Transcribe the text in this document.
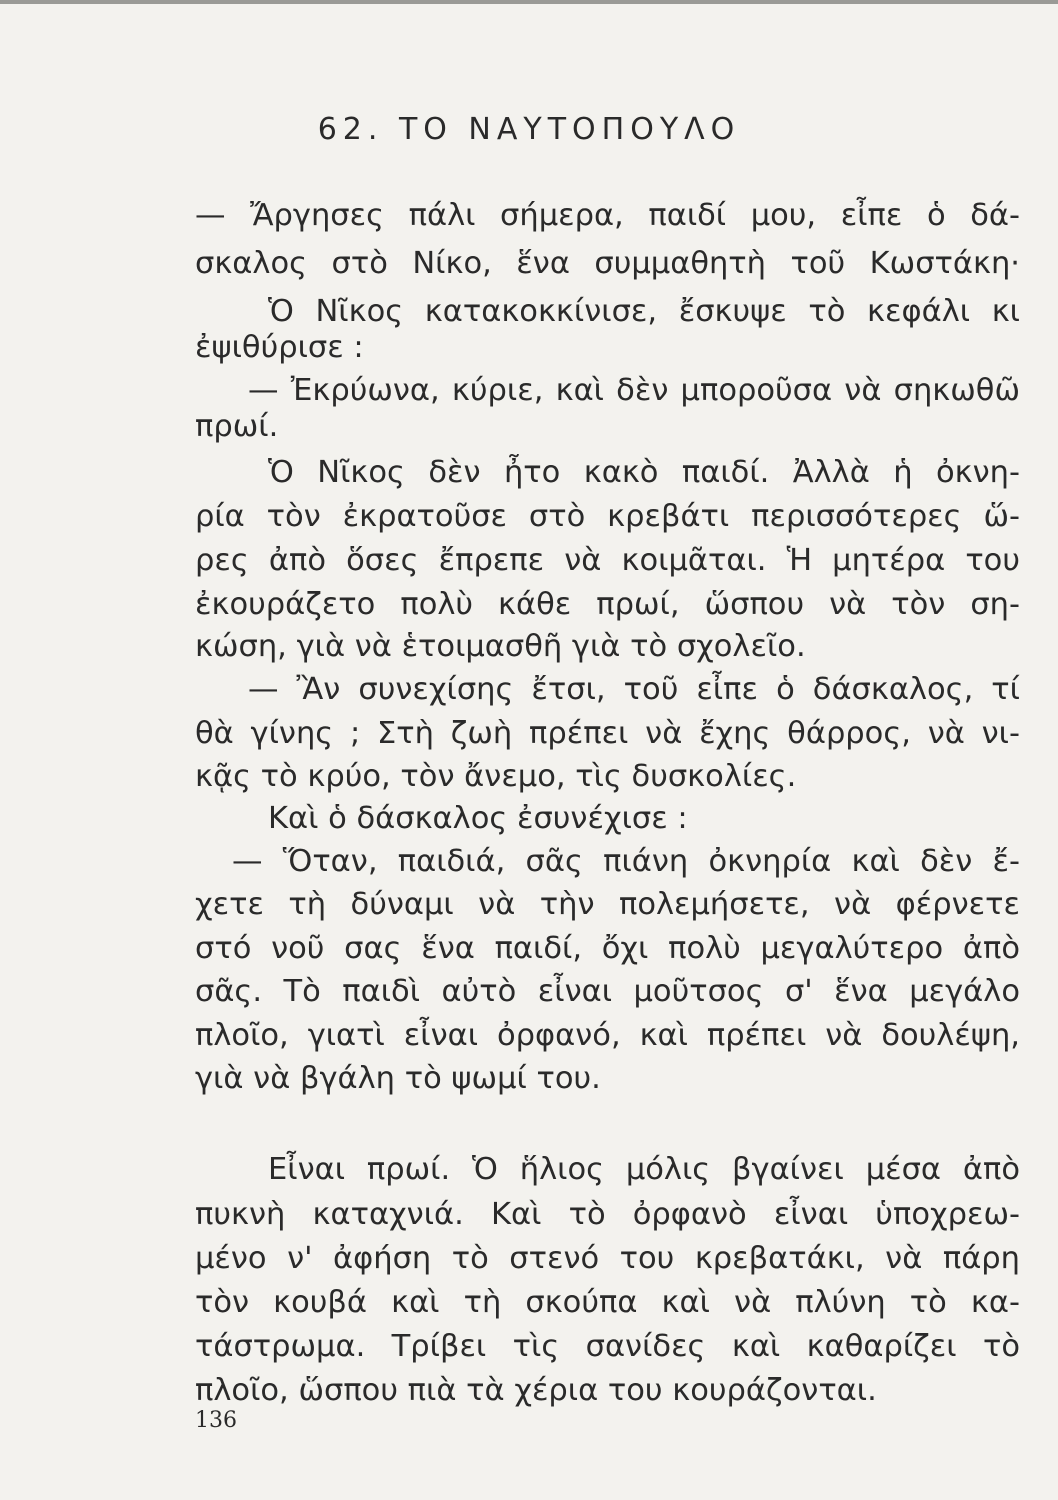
62. ΤΟ ΝΑΥΤΟΠΟΥΛΟ

— Ἄργησες πάλι σήμερα, παιδί μου, εἶπε ὁ δά-

σκαλος στὸ Νίκο, ἕνα συμμαθητὴ τοῦ Κωστάκη·

Ὁ Νῖκος κατακοκκίνισε, ἔσκυψε τὸ κεφάλι κι

ἐψιθύρισε :

— Ἐκρύωνα, κύριε, καὶ δὲν μποροῦσα νὰ σηκωθῶ

πρωί.

Ὁ Νῖκος δὲν ἦτο κακὸ παιδί. Ἀλλὰ ἡ ὀκνη-

ρία τὸν ἐκρατοῦσε στὸ κρεβάτι περισσότερες ὥ-

ρες ἀπὸ ὅσες ἔπρεπε νὰ κοιμᾶται. Ἡ μητέρα του

ἐκουράζετο πολὺ κάθε πρωί, ὥσπου νὰ τὸν ση-

κώση, γιὰ νὰ ἑτοιμασθῆ γιὰ τὸ σχολεῖο.

— Ἂν συνεχίσης ἔτσι, τοῦ εἶπε ὁ δάσκαλος, τί

θὰ γίνης ; Στὴ ζωὴ πρέπει νὰ ἔχης θάρρος, νὰ νι-

κᾷς τὸ κρύο, τὸν ἄνεμο, τὶς δυσκολίες.

Καὶ ὁ δάσκαλος ἐσυνέχισε :

— Ὅταν, παιδιά, σᾶς πιάνη ὀκνηρία καὶ δὲν ἔ-

χετε τὴ δύναμι νὰ τὴν πολεμήσετε, νὰ φέρνετε

στό νοῦ σας ἕνα παιδί, ὄχι πολὺ μεγαλύτερο ἀπὸ

σᾶς. Τὸ παιδὶ αὐτὸ εἶναι μοῦτσος σ' ἕνα μεγάλο

πλοῖο, γιατὶ εἶναι ὀρφανό, καὶ πρέπει νὰ δουλέψη,

γιὰ νὰ βγάλη τὸ ψωμί του.

Εἶναι πρωί. Ὁ ἥλιος μόλις βγαίνει μέσα ἀπὸ

πυκνὴ καταχνιά. Καὶ τὸ ὀρφανὸ εἶναι ὑποχρεω-

μένο ν' ἀφήση τὸ στενό του κρεβατάκι, νὰ πάρη

τὸν κουβά καὶ τὴ σκούπα καὶ νὰ πλύνη τὸ κα-

τάστρωμα. Τρίβει τὶς σανίδες καὶ καθαρίζει τὸ

πλοῖο, ὥσπου πιὰ τὰ χέρια του κουράζονται.

136
